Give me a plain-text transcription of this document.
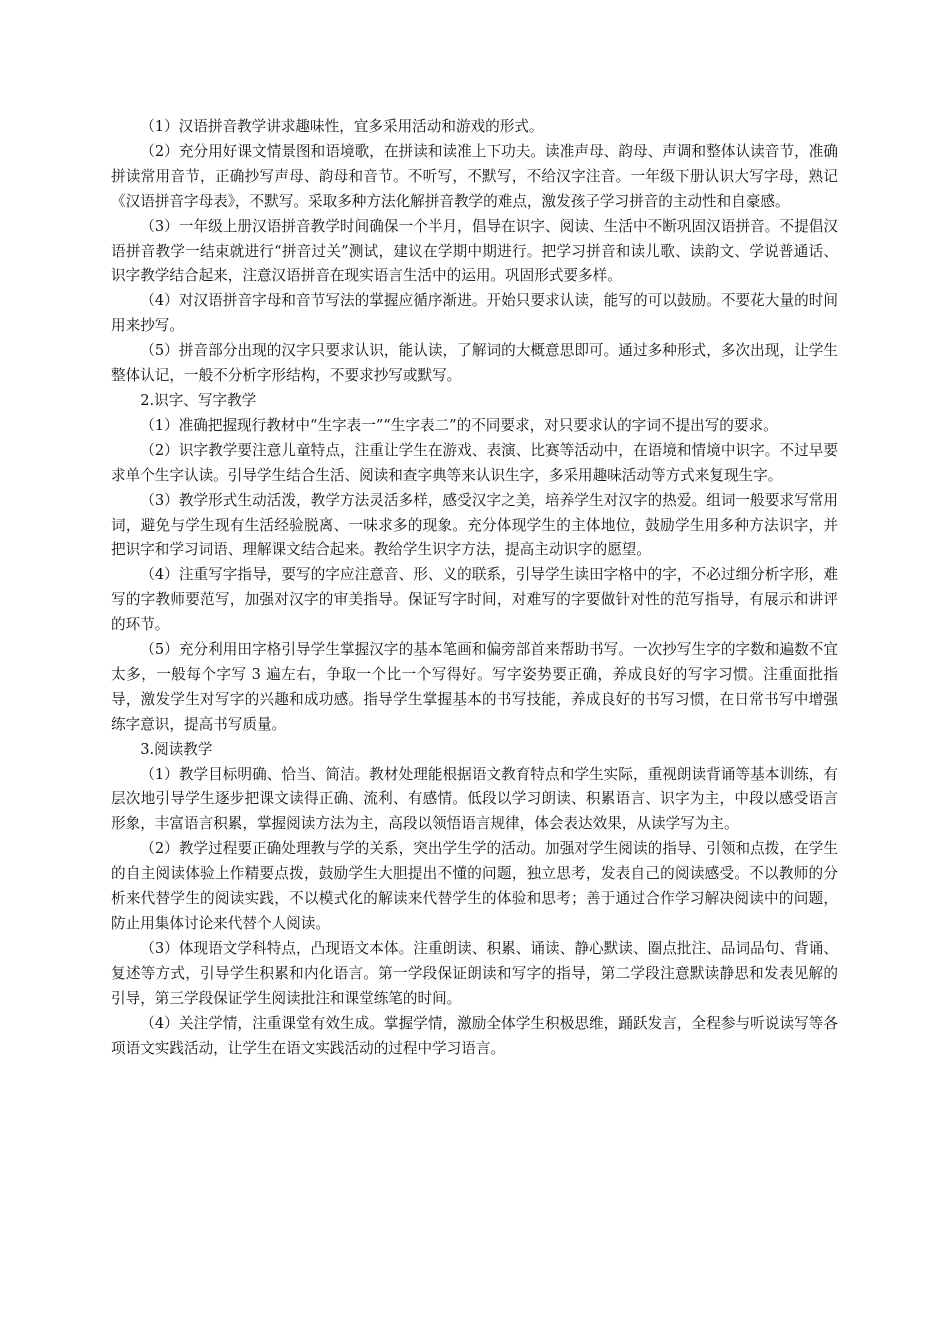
（1）汉语拼音教学讲求趣味性，宜多采用活动和游戏的形式。

（2）充分用好课文情景图和语境歌，在拼读和读准上下功夫。读准声母、韵母、声调和整体认读音节，准确拼读常用音节，正确抄写声母、韵母和音节。不听写，不默写，不给汉字注音。一年级下册认识大写字母，熟记《汉语拼音字母表》，不默写。采取多种方法化解拼音教学的难点，激发孩子学习拼音的主动性和自豪感。

（3）一年级上册汉语拼音教学时间确保一个半月，倡导在识字、阅读、生活中不断巩固汉语拼音。不提倡汉语拼音教学一结束就进行“拼音过关”测试，建议在学期中期进行。把学习拼音和读儿歌、读韵文、学说普通话、识字教学结合起来，注意汉语拼音在现实语言生活中的运用。巩固形式要多样。

（4）对汉语拼音字母和音节写法的掌握应循序渐进。开始只要求认读，能写的可以鼓励。不要花大量的时间用来抄写。

（5）拼音部分出现的汉字只要求认识，能认读，了解词的大概意思即可。通过多种形式，多次出现，让学生整体认记，一般不分析字形结构，不要求抄写或默写。

2.识字、写字教学

（1）准确把握现行教材中“生字表一”“生字表二”的不同要求，对只要求认的字词不提出写的要求。

（2）识字教学要注意儿童特点，注重让学生在游戏、表演、比赛等活动中，在语境和情境中识字。不过早要求单个生字认读。引导学生结合生活、阅读和查字典等来认识生字，多采用趣味活动等方式来复现生字。

（3）教学形式生动活泼，教学方法灵活多样，感受汉字之美，培养学生对汉字的热爱。组词一般要求写常用词，避免与学生现有生活经验脱离、一味求多的现象。充分体现学生的主体地位，鼓励学生用多种方法识字，并把识字和学习词语、理解课文结合起来。教给学生识字方法，提高主动识字的愿望。

（4）注重写字指导，要写的字应注意音、形、义的联系，引导学生读田字格中的字，不必过细分析字形，难写的字教师要范写，加强对汉字的审美指导。保证写字时间，对难写的字要做针对性的范写指导，有展示和讲评的环节。

（5）充分利用田字格引导学生掌握汉字的基本笔画和偏旁部首来帮助书写。一次抄写生字的字数和遍数不宜太多，一般每个字写 3 遍左右，争取一个比一个写得好。写字姿势要正确，养成良好的写字习惯。注重面批指导，激发学生对写字的兴趣和成功感。指导学生掌握基本的书写技能，养成良好的书写习惯，在日常书写中增强练字意识，提高书写质量。

3.阅读教学

（1）教学目标明确、恰当、简洁。教材处理能根据语文教育特点和学生实际，重视朗读背诵等基本训练，有层次地引导学生逐步把课文读得正确、流利、有感情。低段以学习朗读、积累语言、识字为主，中段以感受语言形象，丰富语言积累，掌握阅读方法为主，高段以领悟语言规律，体会表达效果，从读学写为主。

（2）教学过程要正确处理教与学的关系，突出学生学的活动。加强对学生阅读的指导、引领和点拨，在学生的自主阅读体验上作精要点拨，鼓励学生大胆提出不懂的问题，独立思考，发表自己的阅读感受。不以教师的分析来代替学生的阅读实践，不以模式化的解读来代替学生的体验和思考；善于通过合作学习解决阅读中的问题，防止用集体讨论来代替个人阅读。

（3）体现语文学科特点，凸现语文本体。注重朗读、积累、诵读、静心默读、圈点批注、品词品句、背诵、复述等方式，引导学生积累和内化语言。第一学段保证朗读和写字的指导，第二学段注意默读静思和发表见解的引导，第三学段保证学生阅读批注和课堂练笔的时间。

（4）关注学情，注重课堂有效生成。掌握学情，激励全体学生积极思维，踊跃发言，全程参与听说读写等各项语文实践活动，让学生在语文实践活动的过程中学习语言。
